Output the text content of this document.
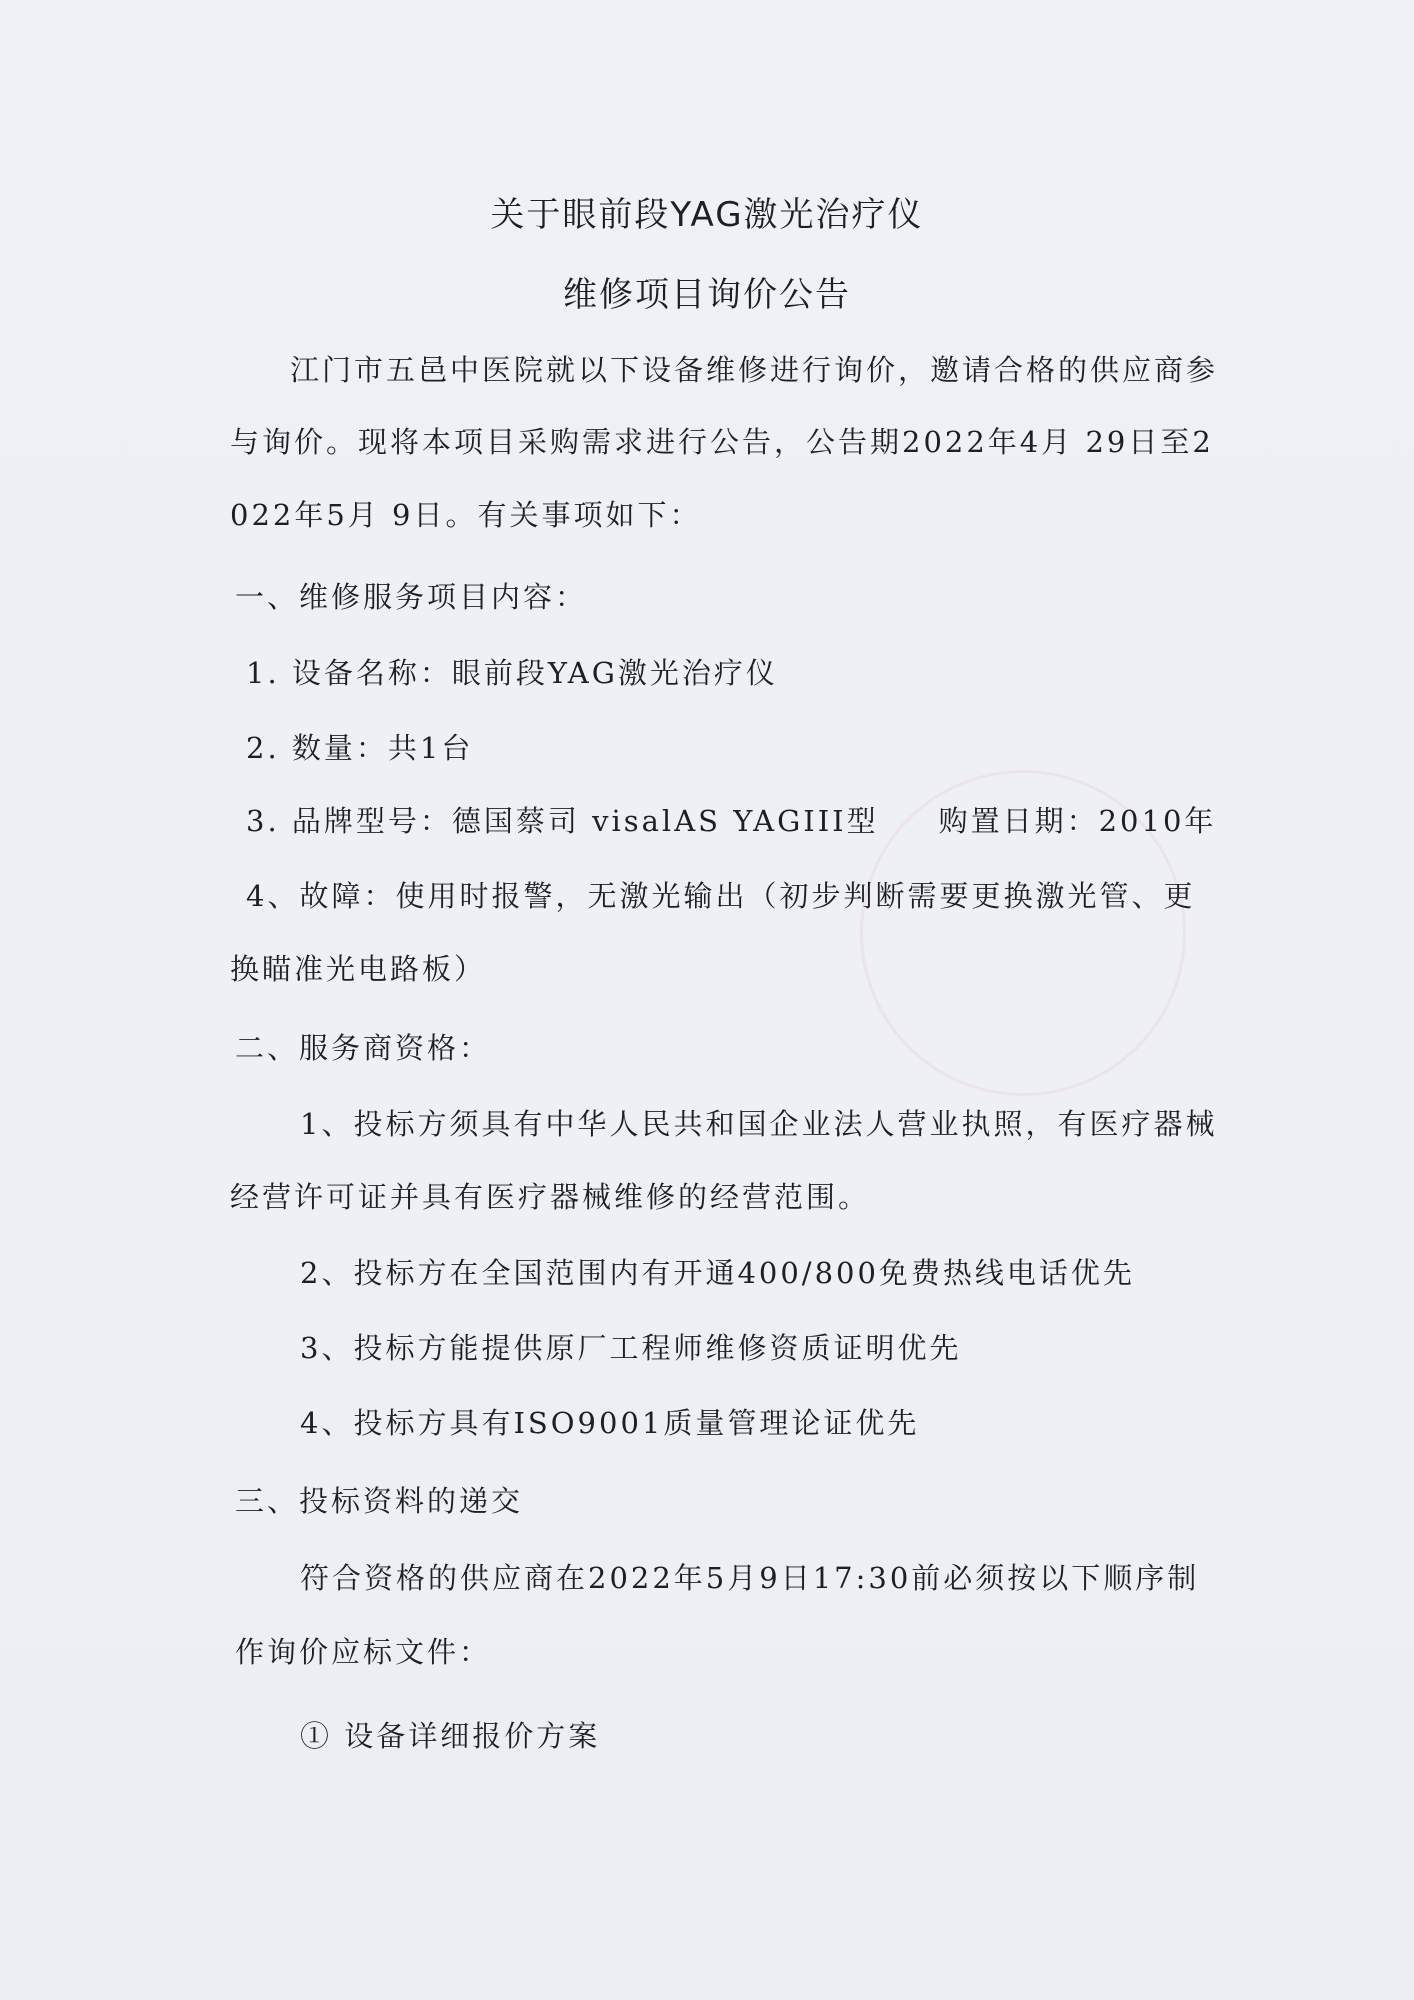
关于眼前段YAG激光治疗仪
维修项目询价公告
江门市五邑中医院就以下设备维修进行询价，邀请合格的供应商参
与询价。现将本项目采购需求进行公告，公告期2022年4月 29日至2
022年5月 9日。有关事项如下：
一、维修服务项目内容：
1. 设备名称：眼前段YAG激光治疗仪
2. 数量：共1台
3. 品牌型号：德国蔡司 visalAS YAGIII型 购置日期：2010年
4、故障：使用时报警，无激光输出（初步判断需要更换激光管、更
换瞄准光电路板）
二、服务商资格：
1、投标方须具有中华人民共和国企业法人营业执照，有医疗器械
经营许可证并具有医疗器械维修的经营范围。
2、投标方在全国范围内有开通400/800免费热线电话优先
3、投标方能提供原厂工程师维修资质证明优先
4、投标方具有ISO9001质量管理论证优先
三、投标资料的递交
符合资格的供应商在2022年5月9日17:30前必须按以下顺序制
作询价应标文件：
① 设备详细报价方案
